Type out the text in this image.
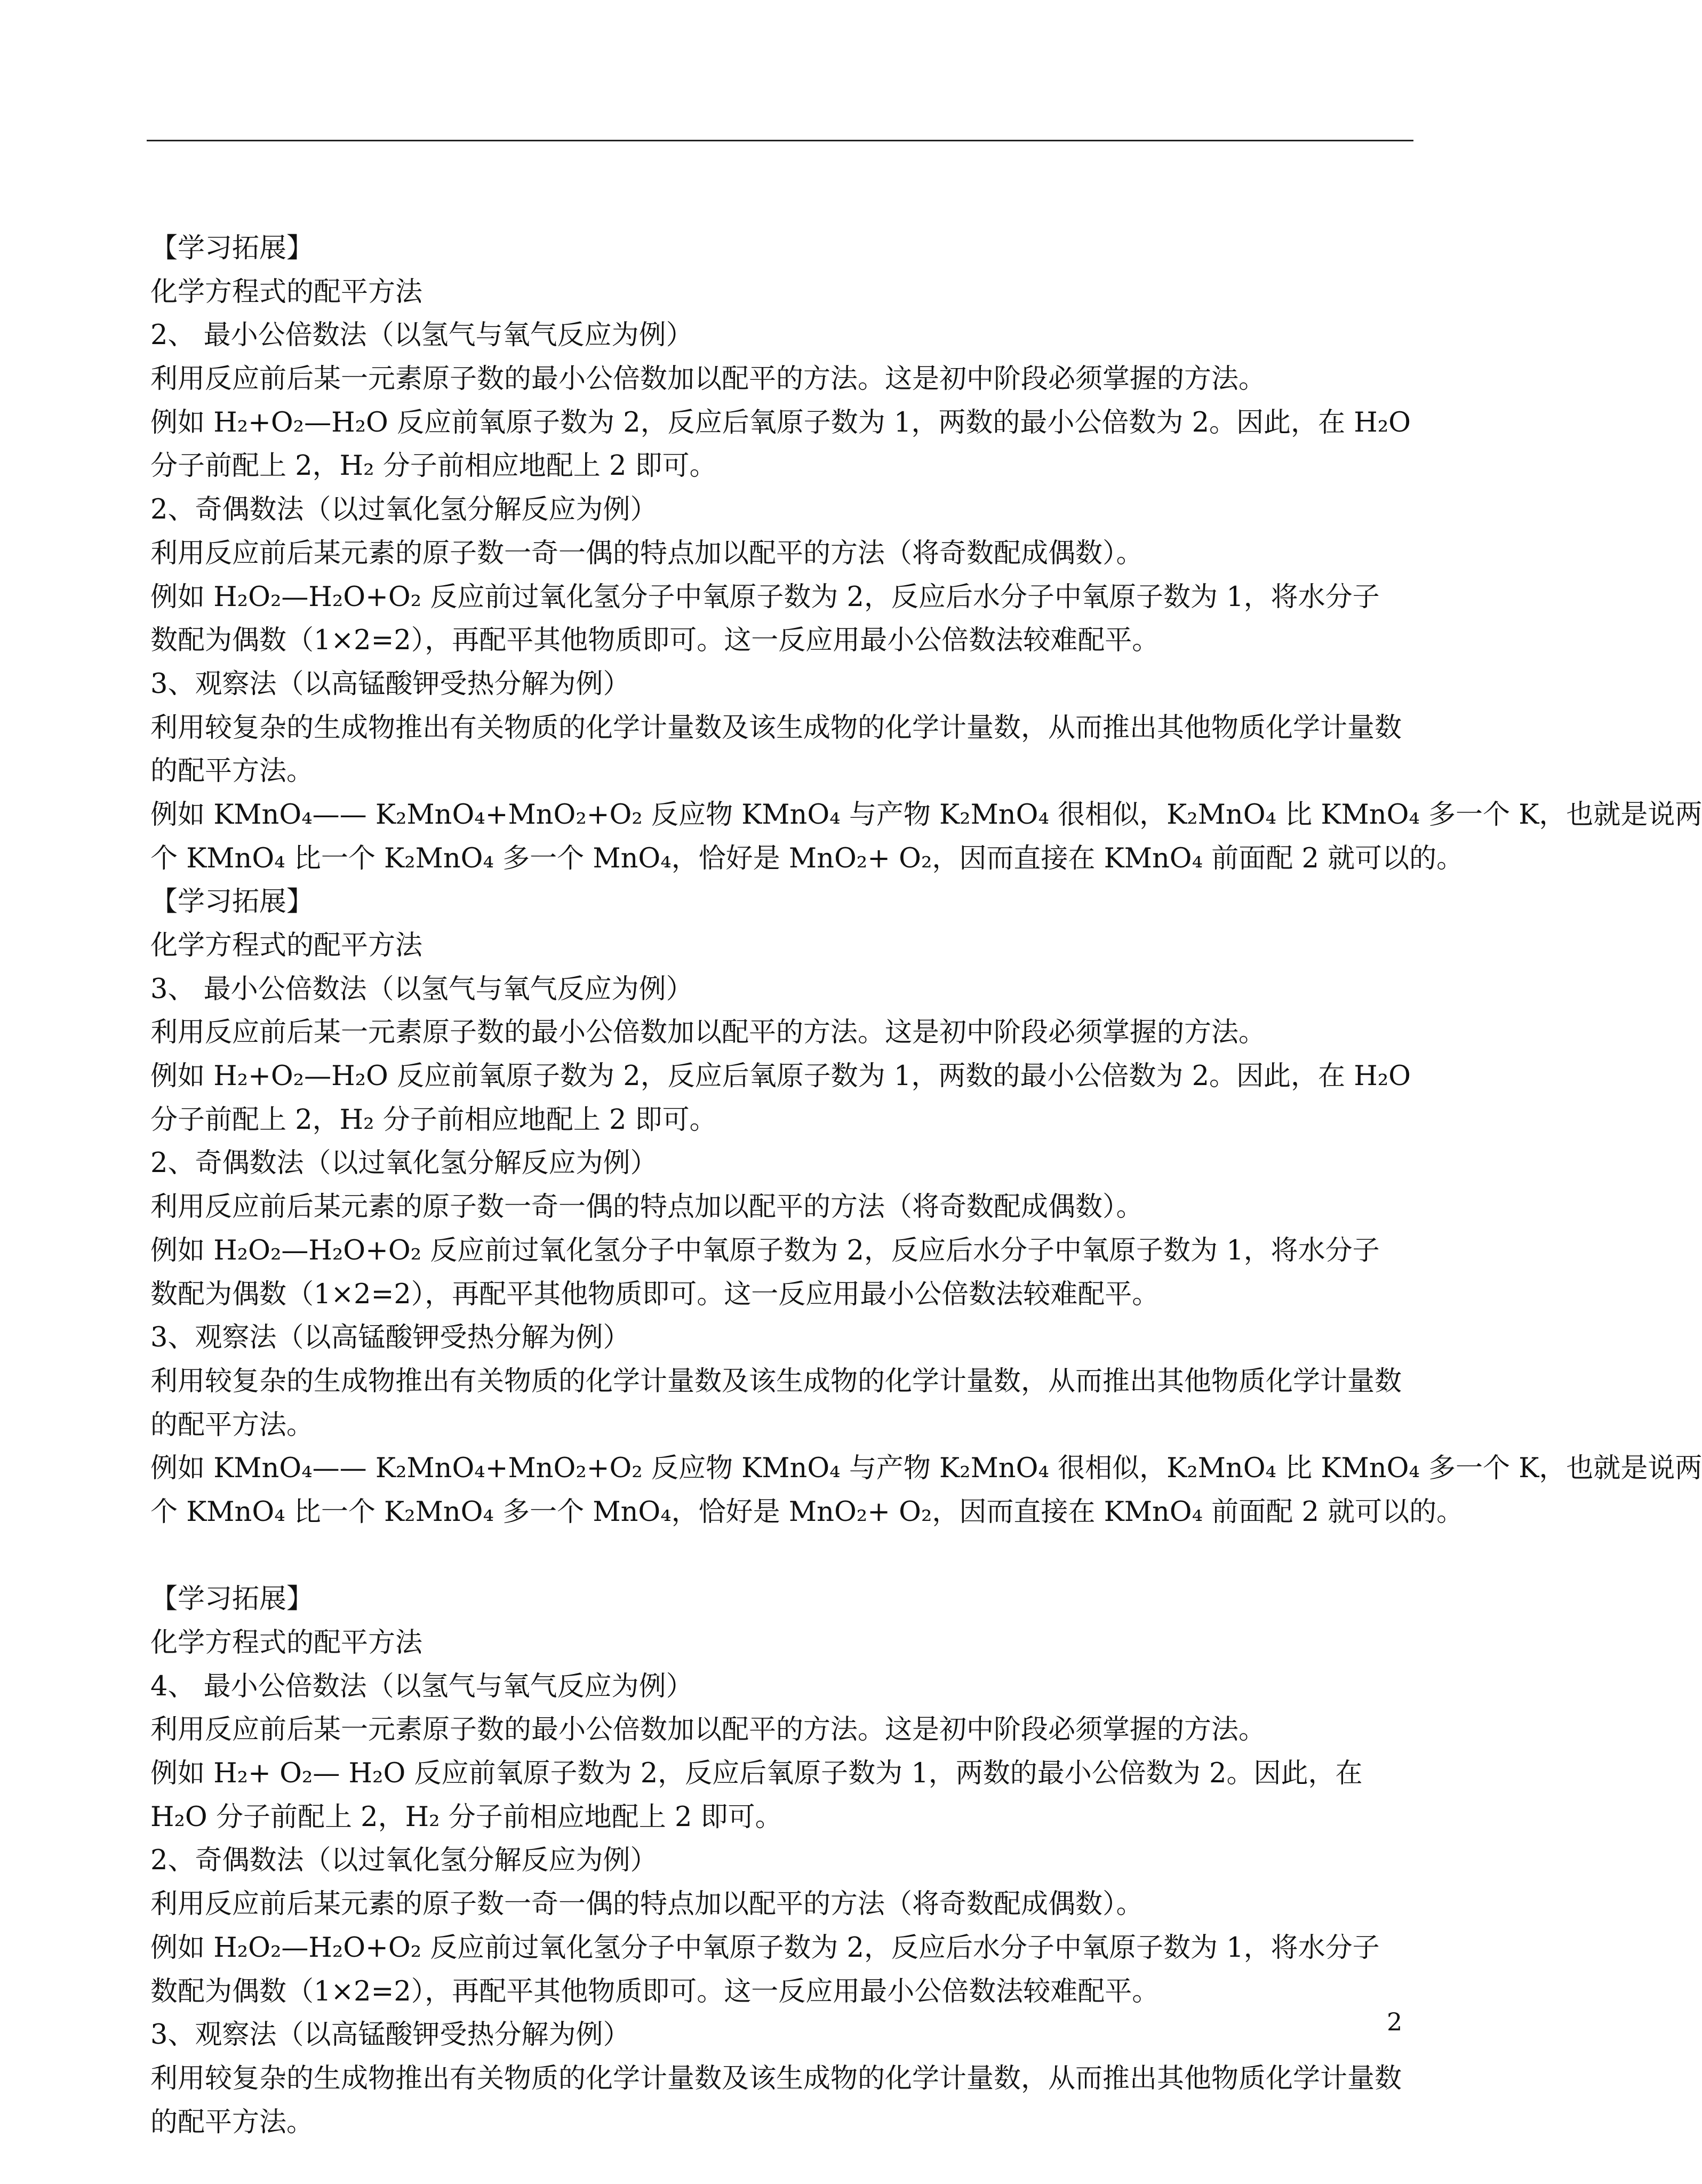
【学习拓展】
化学方程式的配平方法
2、 最小公倍数法（以氢气与氧气反应为例）
利用反应前后某一元素原子数的最小公倍数加以配平的方法。这是初中阶段必须掌握的方法。
例如 H₂+O₂—H₂O 反应前氧原子数为 2，反应后氧原子数为 1，两数的最小公倍数为 2。因此，在 H₂O
分子前配上 2，H₂ 分子前相应地配上 2 即可。
2、奇偶数法（以过氧化氢分解反应为例）
利用反应前后某元素的原子数一奇一偶的特点加以配平的方法（将奇数配成偶数）。
例如 H₂O₂—H₂O+O₂ 反应前过氧化氢分子中氧原子数为 2，反应后水分子中氧原子数为 1，将水分子
数配为偶数（1×2=2），再配平其他物质即可。这一反应用最小公倍数法较难配平。
3、观察法（以高锰酸钾受热分解为例）
利用较复杂的生成物推出有关物质的化学计量数及该生成物的化学计量数，从而推出其他物质化学计量数
的配平方法。
例如 KMnO₄—— K₂MnO₄+MnO₂+O₂ 反应物 KMnO₄ 与产物 K₂MnO₄ 很相似，K₂MnO₄ 比 KMnO₄ 多一个 K，也就是说两
个 KMnO₄ 比一个 K₂MnO₄ 多一个 MnO₄，恰好是 MnO₂+ O₂，因而直接在 KMnO₄ 前面配 2 就可以的。
【学习拓展】
化学方程式的配平方法
3、 最小公倍数法（以氢气与氧气反应为例）
利用反应前后某一元素原子数的最小公倍数加以配平的方法。这是初中阶段必须掌握的方法。
例如 H₂+O₂—H₂O 反应前氧原子数为 2，反应后氧原子数为 1，两数的最小公倍数为 2。因此，在 H₂O
分子前配上 2，H₂ 分子前相应地配上 2 即可。
2、奇偶数法（以过氧化氢分解反应为例）
利用反应前后某元素的原子数一奇一偶的特点加以配平的方法（将奇数配成偶数）。
例如 H₂O₂—H₂O+O₂ 反应前过氧化氢分子中氧原子数为 2，反应后水分子中氧原子数为 1，将水分子
数配为偶数（1×2=2），再配平其他物质即可。这一反应用最小公倍数法较难配平。
3、观察法（以高锰酸钾受热分解为例）
利用较复杂的生成物推出有关物质的化学计量数及该生成物的化学计量数，从而推出其他物质化学计量数
的配平方法。
例如 KMnO₄—— K₂MnO₄+MnO₂+O₂ 反应物 KMnO₄ 与产物 K₂MnO₄ 很相似，K₂MnO₄ 比 KMnO₄ 多一个 K，也就是说两
个 KMnO₄ 比一个 K₂MnO₄ 多一个 MnO₄，恰好是 MnO₂+ O₂，因而直接在 KMnO₄ 前面配 2 就可以的。
【学习拓展】
化学方程式的配平方法
4、 最小公倍数法（以氢气与氧气反应为例）
利用反应前后某一元素原子数的最小公倍数加以配平的方法。这是初中阶段必须掌握的方法。
例如 H₂+ O₂— H₂O 反应前氧原子数为 2，反应后氧原子数为 1，两数的最小公倍数为 2。因此，在
H₂O 分子前配上 2，H₂ 分子前相应地配上 2 即可。
2、奇偶数法（以过氧化氢分解反应为例）
利用反应前后某元素的原子数一奇一偶的特点加以配平的方法（将奇数配成偶数）。
例如 H₂O₂—H₂O+O₂ 反应前过氧化氢分子中氧原子数为 2，反应后水分子中氧原子数为 1，将水分子
数配为偶数（1×2=2），再配平其他物质即可。这一反应用最小公倍数法较难配平。
3、观察法（以高锰酸钾受热分解为例）
利用较复杂的生成物推出有关物质的化学计量数及该生成物的化学计量数，从而推出其他物质化学计量数
的配平方法。
2
